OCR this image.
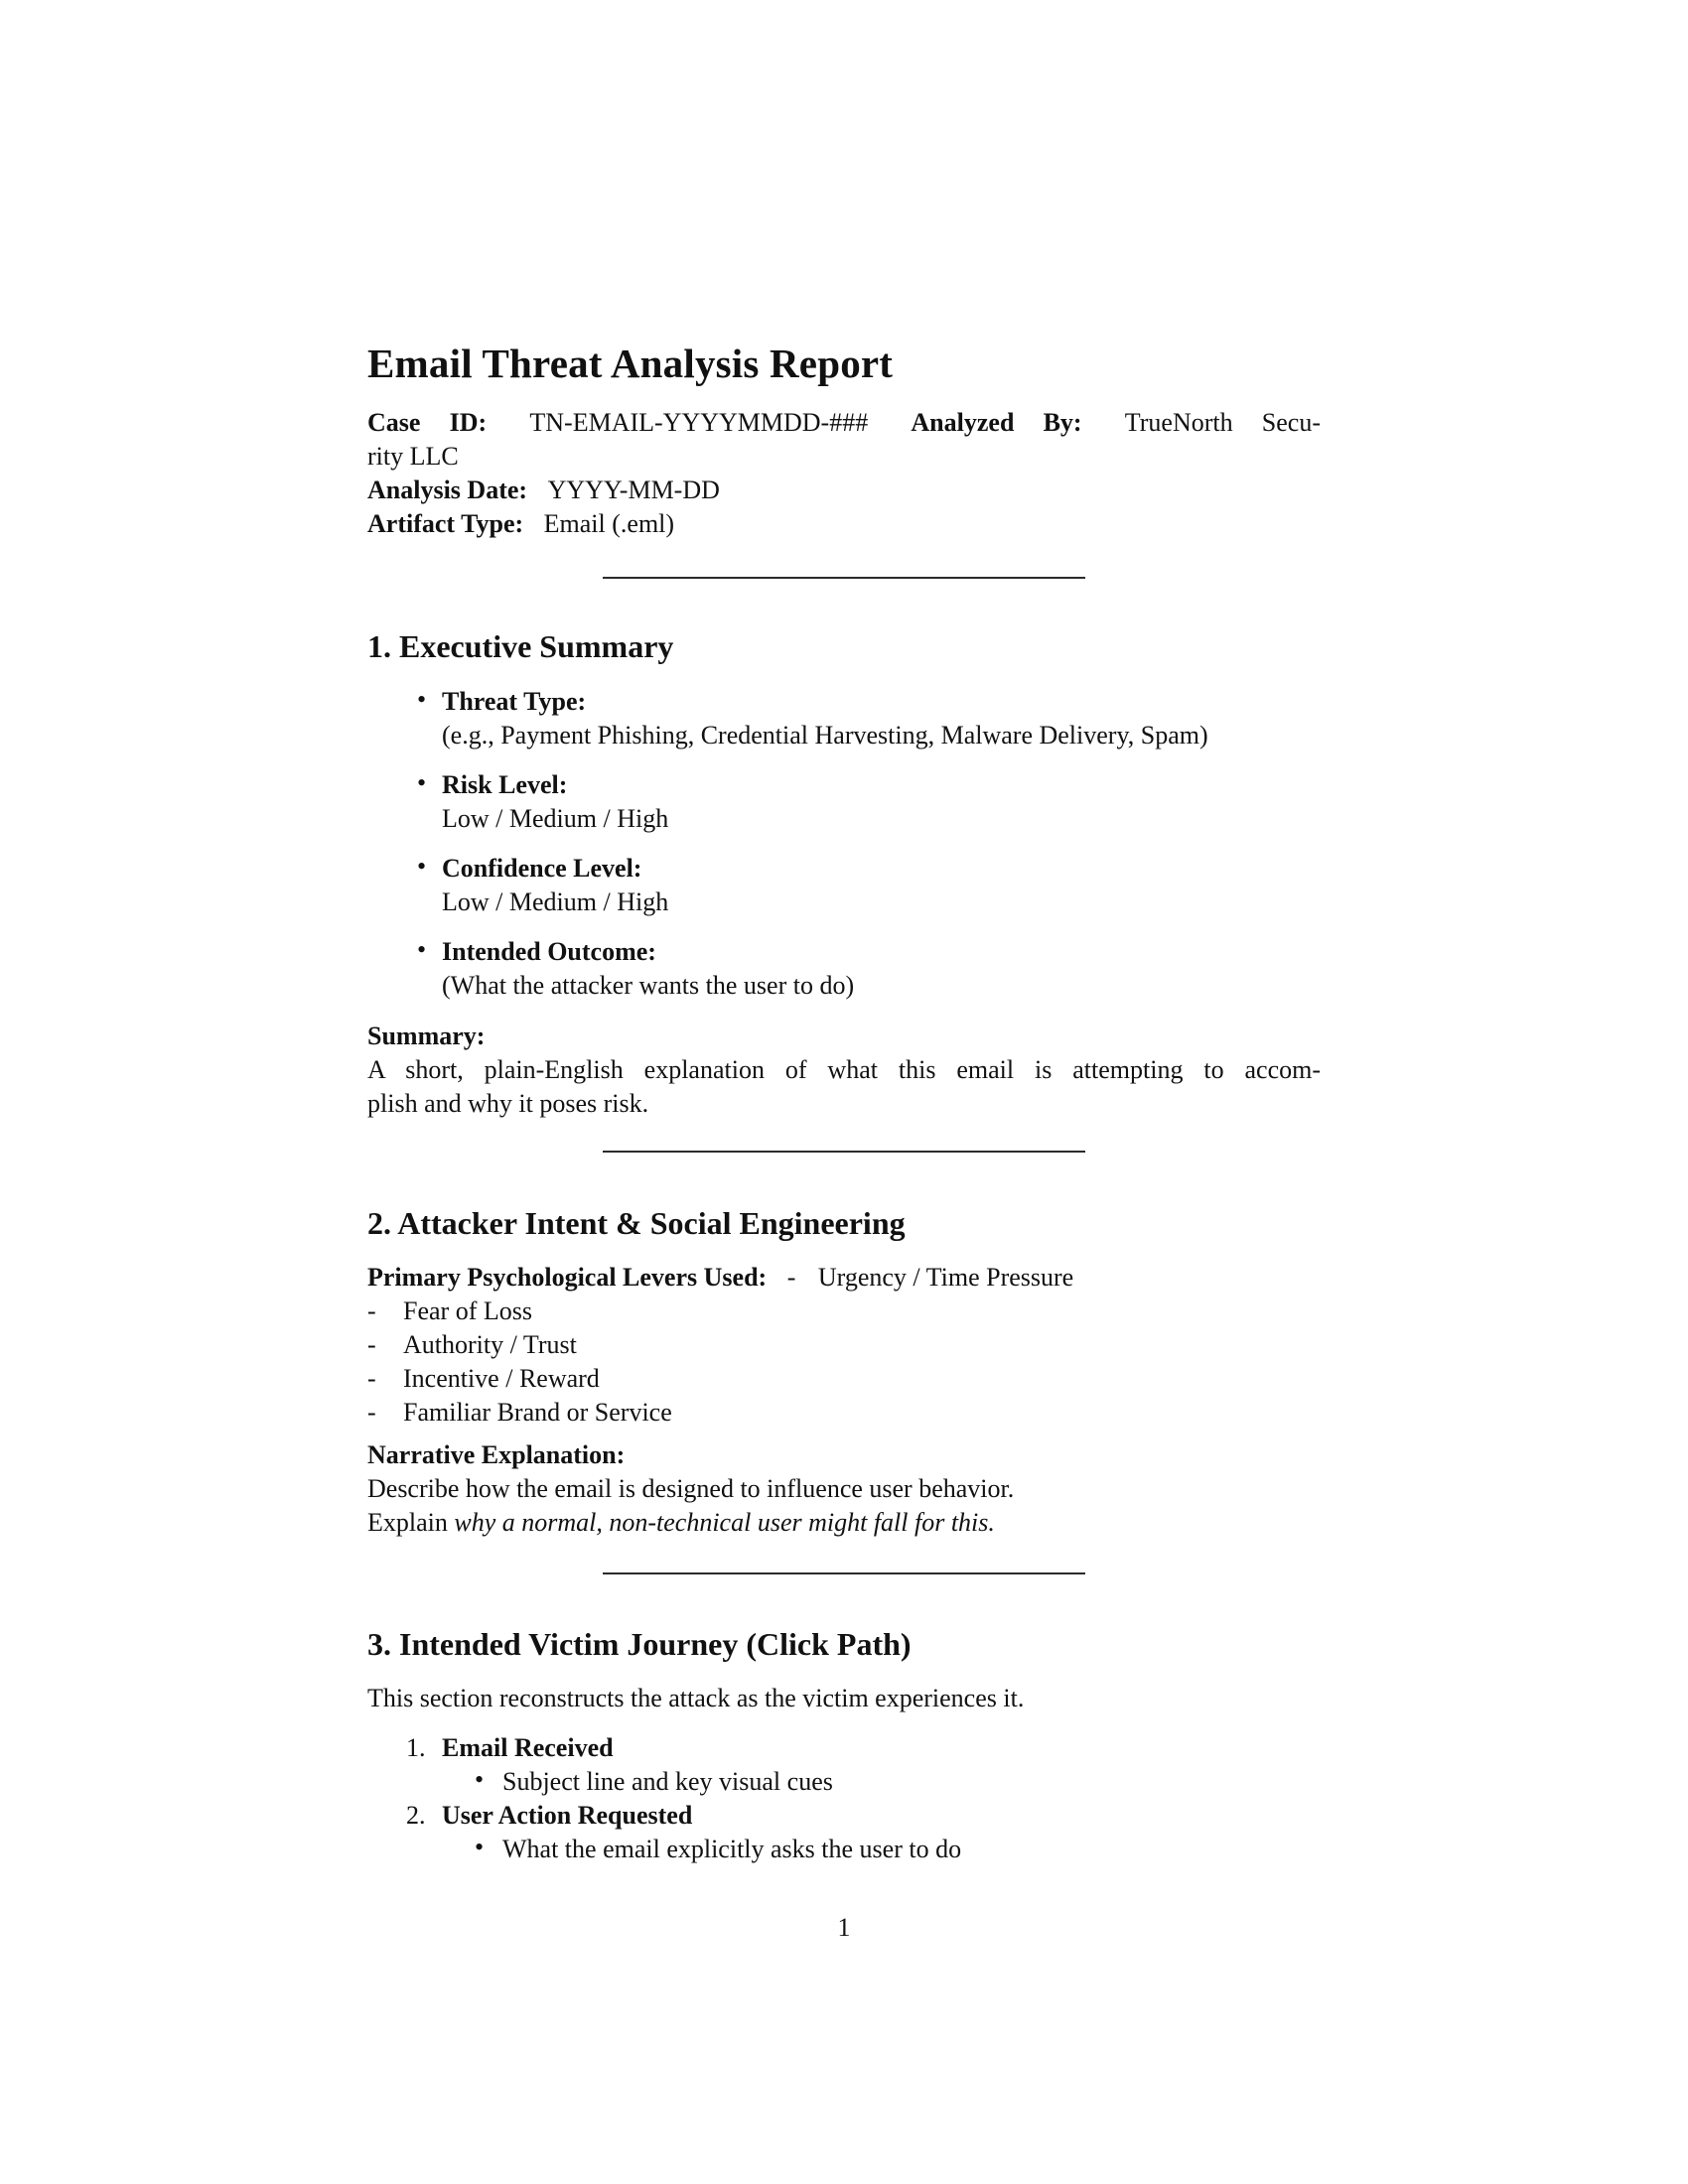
Email Threat Analysis Report
Case ID: TN-EMAIL-YYYYMMDD-### Analyzed By: TrueNorth Secu-
rity LLC
Analysis Date: YYYY-MM-DD
Artifact Type: Email (.eml)
1. Executive Summary
• Threat Type:
(e.g., Payment Phishing, Credential Harvesting, Malware Delivery, Spam)
• Risk Level:
Low / Medium / High
• Confidence Level:
Low / Medium / High
• Intended Outcome:
(What the attacker wants the user to do)
Summary:
A short, plain-English explanation of what this email is attempting to accom-
plish and why it poses risk.
2. Attacker Intent & Social Engineering
Primary Psychological Levers Used: - Urgency / Time Pressure
- Fear of Loss
- Authority / Trust
- Incentive / Reward
- Familiar Brand or Service
Narrative Explanation:
Describe how the email is designed to influence user behavior.
Explain why a normal, non-technical user might fall for this.
3. Intended Victim Journey (Click Path)
This section reconstructs the attack as the victim experiences it.
1. Email Received
• Subject line and key visual cues
2. User Action Requested
• What the email explicitly asks the user to do
1
